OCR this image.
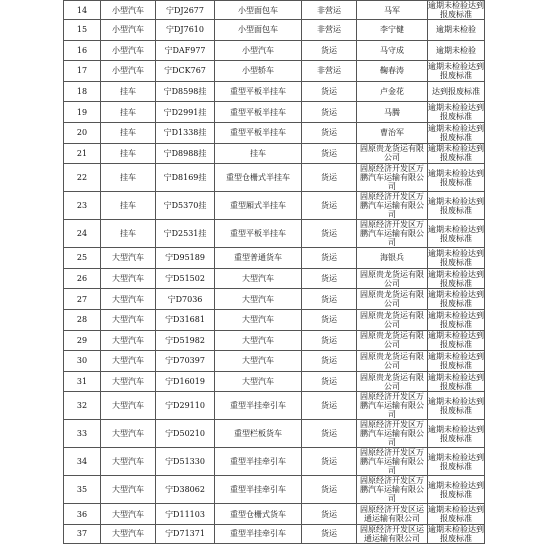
14	小型汽车	宁DJ2677	小型面包车	非营运	马军	逾期未检验达到报废标准
15	小型汽车	宁DJ7610	小型面包车	非营运	李宁健	逾期未检验
16	小型汽车	宁DAF977	小型汽车	货运	马守成	逾期未检验
17	小型汽车	宁DCK767	小型轿车	非营运	鞠春涛	逾期未检验达到报废标准
18	挂车	宁D8598挂	重型平板半挂车	货运	卢金花	达到报废标准
19	挂车	宁D2991挂	重型平板半挂车	货运	马腾	逾期未检验达到报废标准
20	挂车	宁D1338挂	重型平板半挂车	货运	曹治军	逾期未检验达到报废标准
21	挂车	宁D8988挂	挂车	货运	固原贵龙货运有限公司	逾期未检验达到报废标准
22	挂车	宁D8169挂	重型仓栅式半挂车	货运	固原经济开发区万鹏汽车运输有限公司	逾期未检验达到报废标准
23	挂车	宁D5370挂	重型厢式半挂车	货运	固原经济开发区万鹏汽车运输有限公司	逾期未检验达到报废标准
24	挂车	宁D2531挂	重型平板半挂车	货运	固原经济开发区万鹏汽车运输有限公司	逾期未检验达到报废标准
25	大型汽车	宁D95189	重型普通货车	货运	海银兵	逾期未检验达到报废标准
26	大型汽车	宁D51502	大型汽车	货运	固原贵龙货运有限公司	逾期未检验达到报废标准
27	大型汽车	宁D7036	大型汽车	货运	固原贵龙货运有限公司	逾期未检验达到报废标准
28	大型汽车	宁D31681	大型汽车	货运	固原贵龙货运有限公司	逾期未检验达到报废标准
29	大型汽车	宁D51982	大型汽车	货运	固原贵龙货运有限公司	逾期未检验达到报废标准
30	大型汽车	宁D70397	大型汽车	货运	固原贵龙货运有限公司	逾期未检验达到报废标准
31	大型汽车	宁D16019	大型汽车	货运	固原贵龙货运有限公司	逾期未检验达到报废标准
32	大型汽车	宁D29110	重型半挂牵引车	货运	固原经济开发区万鹏汽车运输有限公司	逾期未检验达到报废标准
33	大型汽车	宁D50210	重型栏板货车	货运	固原经济开发区万鹏汽车运输有限公司	逾期未检验达到报废标准
34	大型汽车	宁D51330	重型半挂牵引车	货运	固原经济开发区万鹏汽车运输有限公司	逾期未检验达到报废标准
35	大型汽车	宁D38062	重型半挂牵引车	货运	固原经济开发区万鹏汽车运输有限公司	逾期未检验达到报废标准
36	大型汽车	宁D11103	重型仓栅式货车	货运	固原经济开发区运通运输有限公司	逾期未检验达到报废标准
37	大型汽车	宁D71371	重型半挂牵引车	货运	固原经济开发区运通运输有限公司	逾期未检验达到报废标准
